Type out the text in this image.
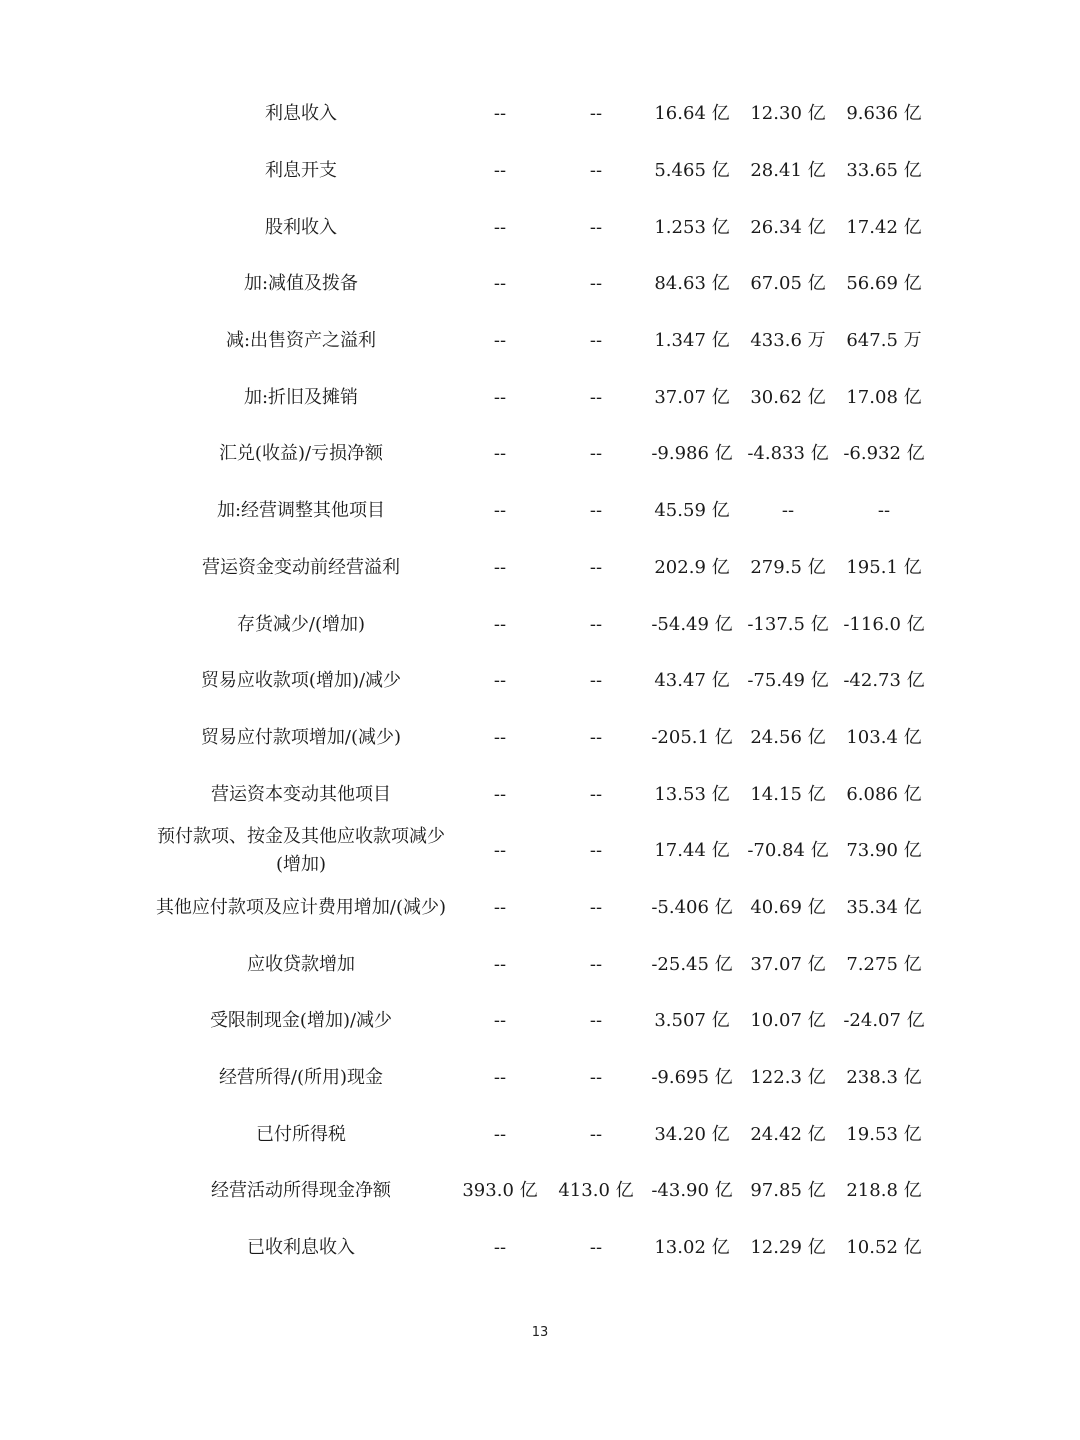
利息收入	--	--	16.64 亿	12.30 亿	9.636 亿
利息开支	--	--	5.465 亿	28.41 亿	33.65 亿
股利收入	--	--	1.253 亿	26.34 亿	17.42 亿
加:减值及拨备	--	--	84.63 亿	67.05 亿	56.69 亿
减:出售资产之溢利	--	--	1.347 亿	433.6 万	647.5 万
加:折旧及摊销	--	--	37.07 亿	30.62 亿	17.08 亿
汇兑(收益)/亏损净额	--	--	-9.986 亿	-4.833 亿	-6.932 亿
加:经营调整其他项目	--	--	45.59 亿	--	--
营运资金变动前经营溢利	--	--	202.9 亿	279.5 亿	195.1 亿
存货减少/(增加)	--	--	-54.49 亿	-137.5 亿	-116.0 亿
贸易应收款项(增加)/减少	--	--	43.47 亿	-75.49 亿	-42.73 亿
贸易应付款项增加/(减少)	--	--	-205.1 亿	24.56 亿	103.4 亿
营运资本变动其他项目	--	--	13.53 亿	14.15 亿	6.086 亿
预付款项、按金及其他应收款项减少(增加)	--	--	17.44 亿	-70.84 亿	73.90 亿
其他应付款项及应计费用增加/(减少)	--	--	-5.406 亿	40.69 亿	35.34 亿
应收贷款增加	--	--	-25.45 亿	37.07 亿	7.275 亿
受限制现金(增加)/减少	--	--	3.507 亿	10.07 亿	-24.07 亿
经营所得/(所用)现金	--	--	-9.695 亿	122.3 亿	238.3 亿
已付所得税	--	--	34.20 亿	24.42 亿	19.53 亿
经营活动所得现金净额	393.0 亿	413.0 亿	-43.90 亿	97.85 亿	218.8 亿
已收利息收入	--	--	13.02 亿	12.29 亿	10.52 亿
13
